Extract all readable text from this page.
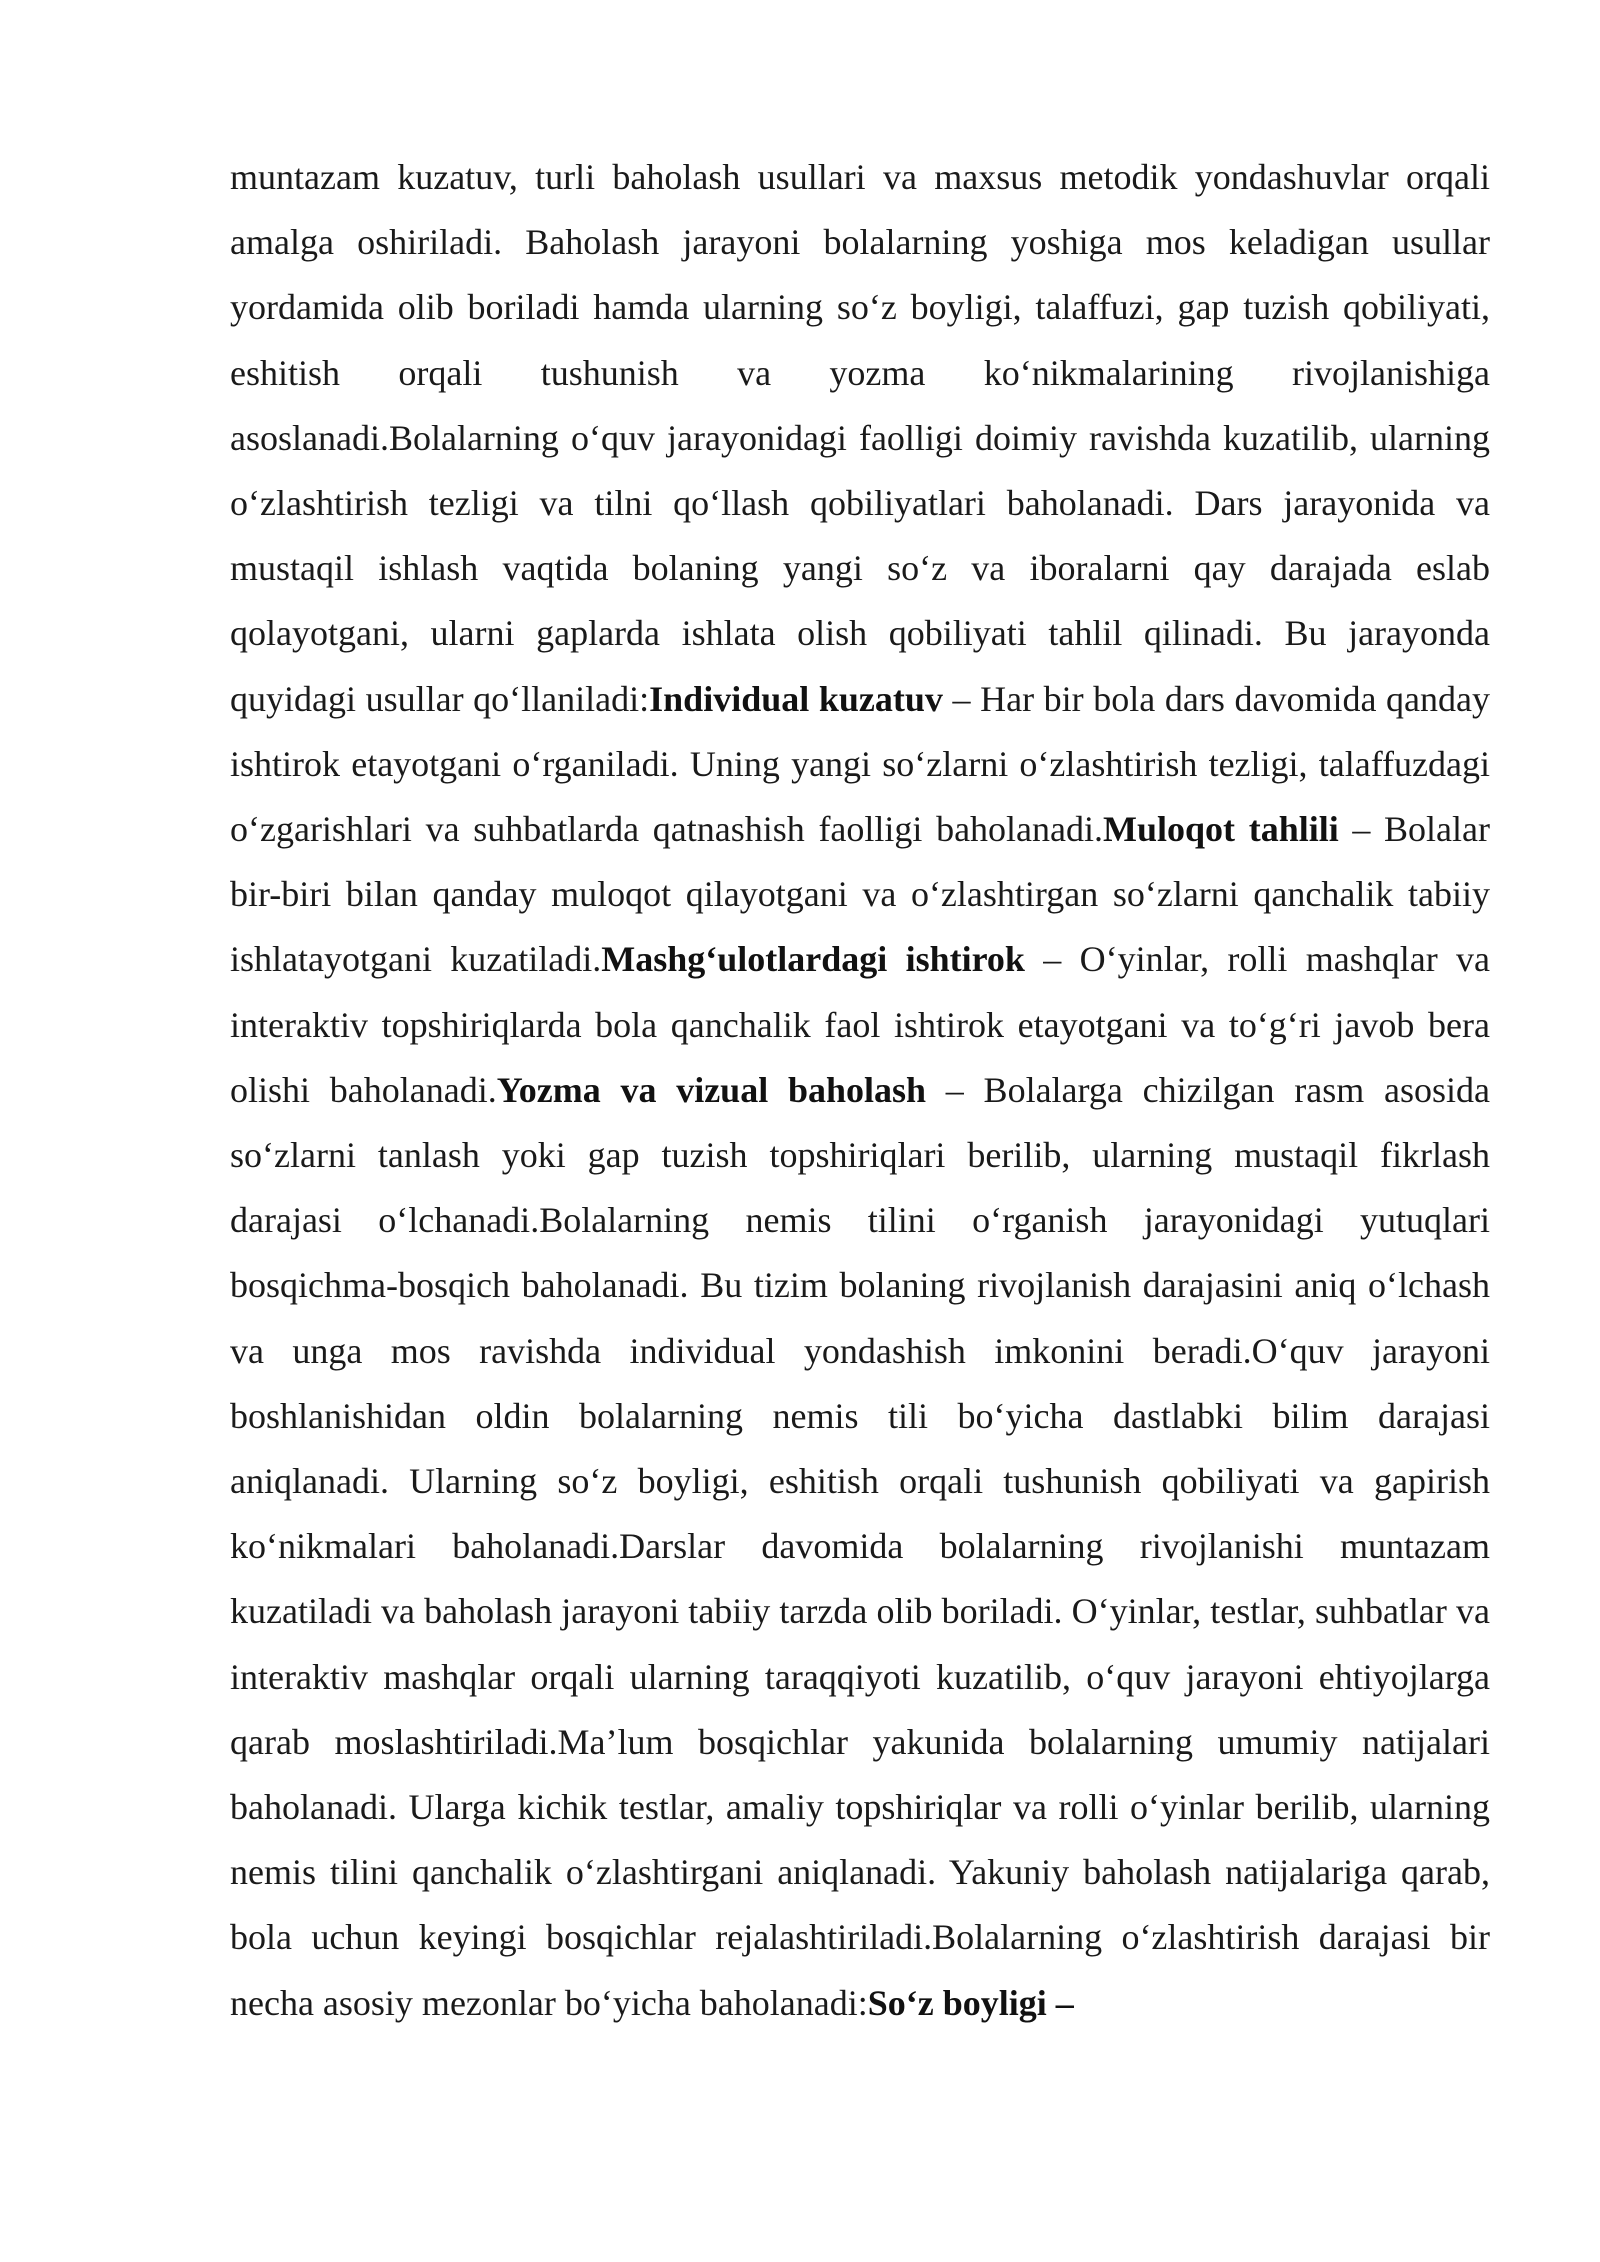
muntazam kuzatuv, turli baholash usullari va maxsus metodik yondashuvlar orqali amalga oshiriladi. Baholash jarayoni bolalarning yoshiga mos keladigan usullar yordamida olib boriladi hamda ularning so‘z boyligi, talaffuzi, gap tuzish qobiliyati, eshitish orqali tushunish va yozma ko‘nikmalarining rivojlanishiga asoslanadi.Bolalarning o‘quv jarayonidagi faolligi doimiy ravishda kuzatilib, ularning o‘zlashtirish tezligi va tilni qo‘llash qobiliyatlari baholanadi. Dars jarayonida va mustaqil ishlash vaqtida bolaning yangi so‘z va iboralarni qay darajada eslab qolayotgani, ularni gaplarda ishlata olish qobiliyati tahlil qilinadi. Bu jarayonda quyidagi usullar qo‘llaniladi:Individual kuzatuv – Har bir bola dars davomida qanday ishtirok etayotgani o‘rganiladi. Uning yangi so‘zlarni o‘zlashtirish tezligi, talaffuzdagi o‘zgarishlari va suhbatlarda qatnashish faolligi baholanadi.Muloqot tahlili – Bolalar bir-biri bilan qanday muloqot qilayotgani va o‘zlashtirgan so‘zlarni qanchalik tabiiy ishlatayotgani kuzatiladi.Mashg‘ulotlardagi ishtirok – O‘yinlar, rolli mashqlar va interaktiv topshiriqlarda bola qanchalik faol ishtirok etayotgani va to‘g‘ri javob bera olishi baholanadi.Yozma va vizual baholash – Bolalarga chizilgan rasm asosida so‘zlarni tanlash yoki gap tuzish topshiriqlari berilib, ularning mustaqil fikrlash darajasi o‘lchanadi.Bolalarning nemis tilini o‘rganish jarayonidagi yutuqlari bosqichma-bosqich baholanadi. Bu tizim bolaning rivojlanish darajasini aniq o‘lchash va unga mos ravishda individual yondashish imkonini beradi.O‘quv jarayoni boshlanishidan oldin bolalarning nemis tili bo‘yicha dastlabki bilim darajasi aniqlanadi. Ularning so‘z boyligi, eshitish orqali tushunish qobiliyati va gapirish ko‘nikmalari baholanadi.Darslar davomida bolalarning rivojlanishi muntazam kuzatiladi va baholash jarayoni tabiiy tarzda olib boriladi. O‘yinlar, testlar, suhbatlar va interaktiv mashqlar orqali ularning taraqqiyoti kuzatilib, o‘quv jarayoni ehtiyojlarga qarab moslashtiriladi.Ma’lum bosqichlar yakunida bolalarning umumiy natijalari baholanadi. Ularga kichik testlar, amaliy topshiriqlar va rolli o‘yinlar berilib, ularning nemis tilini qanchalik o‘zlashtirgani aniqlanadi. Yakuniy baholash natijalariga qarab, bola uchun keyingi bosqichlar rejalashtiriladi.Bolalarning o‘zlashtirish darajasi bir necha asosiy mezonlar bo‘yicha baholanadi:So‘z boyligi –
